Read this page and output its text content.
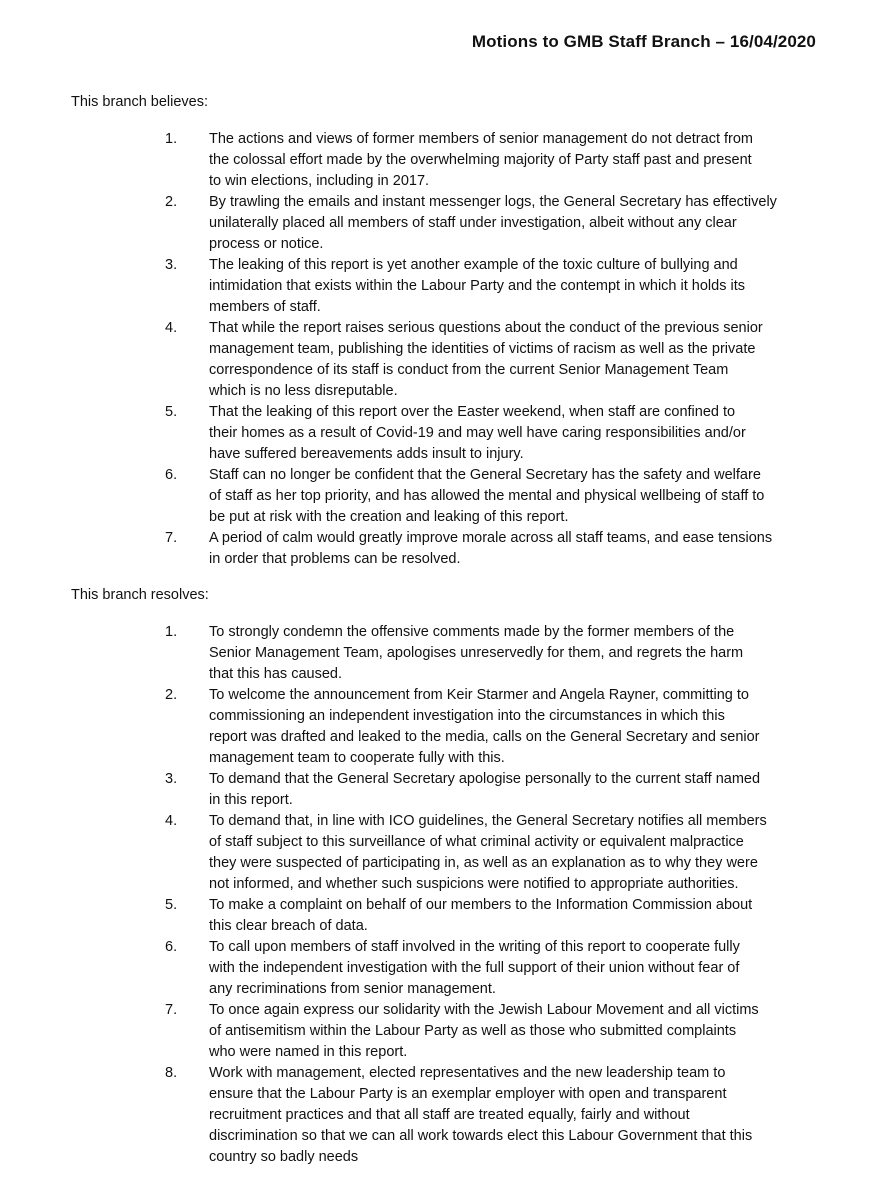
Motions to GMB Staff Branch – 16/04/2020

This branch believes:

1.	The actions and views of former members of senior management do not detract from
the colossal effort made by the overwhelming majority of Party staff past and present
to win elections, including in 2017.
2.	By trawling the emails and instant messenger logs, the General Secretary has effectively
unilaterally placed all members of staff under investigation, albeit without any clear
process or notice.
3.	The leaking of this report is yet another example of the toxic culture of bullying and
intimidation that exists within the Labour Party and the contempt in which it holds its
members of staff.
4.	That while the report raises serious questions about the conduct of the previous senior
management team, publishing the identities of victims of racism as well as the private
correspondence of its staff is conduct from the current Senior Management Team
which is no less disreputable.
5.	That the leaking of this report over the Easter weekend, when staff are confined to
their homes as a result of Covid-19 and may well have caring responsibilities and/or
have suffered bereavements adds insult to injury.
6.	Staff can no longer be confident that the General Secretary has the safety and welfare
of staff as her top priority, and has allowed the mental and physical wellbeing of staff to
be put at risk with the creation and leaking of this report.
7.	A period of calm would greatly improve morale across all staff teams, and ease tensions
in order that problems can be resolved.

This branch resolves:

1.	To strongly condemn the offensive comments made by the former members of the
Senior Management Team, apologises unreservedly for them, and regrets the harm
that this has caused.
2.	To welcome the announcement from Keir Starmer and Angela Rayner, committing to
commissioning an independent investigation into the circumstances in which this
report was drafted and leaked to the media, calls on the General Secretary and senior
management team to cooperate fully with this.
3.	To demand that the General Secretary apologise personally to the current staff named
in this report.
4.	To demand that, in line with ICO guidelines, the General Secretary notifies all members
of staff subject to this surveillance of what criminal activity or equivalent malpractice
they were suspected of participating in, as well as an explanation as to why they were
not informed, and whether such suspicions were notified to appropriate authorities.
5.	To make a complaint on behalf of our members to the Information Commission about
this clear breach of data.
6.	To call upon members of staff involved in the writing of this report to cooperate fully
with the independent investigation with the full support of their union without fear of
any recriminations from senior management.
7.	To once again express our solidarity with the Jewish Labour Movement and all victims
of antisemitism within the Labour Party as well as those who submitted complaints
who were named in this report.
8.	Work with management, elected representatives and the new leadership team to
ensure that the Labour Party is an exemplar employer with open and transparent
recruitment practices and that all staff are treated equally, fairly and without
discrimination so that we can all work towards elect this Labour Government that this
country so badly needs
